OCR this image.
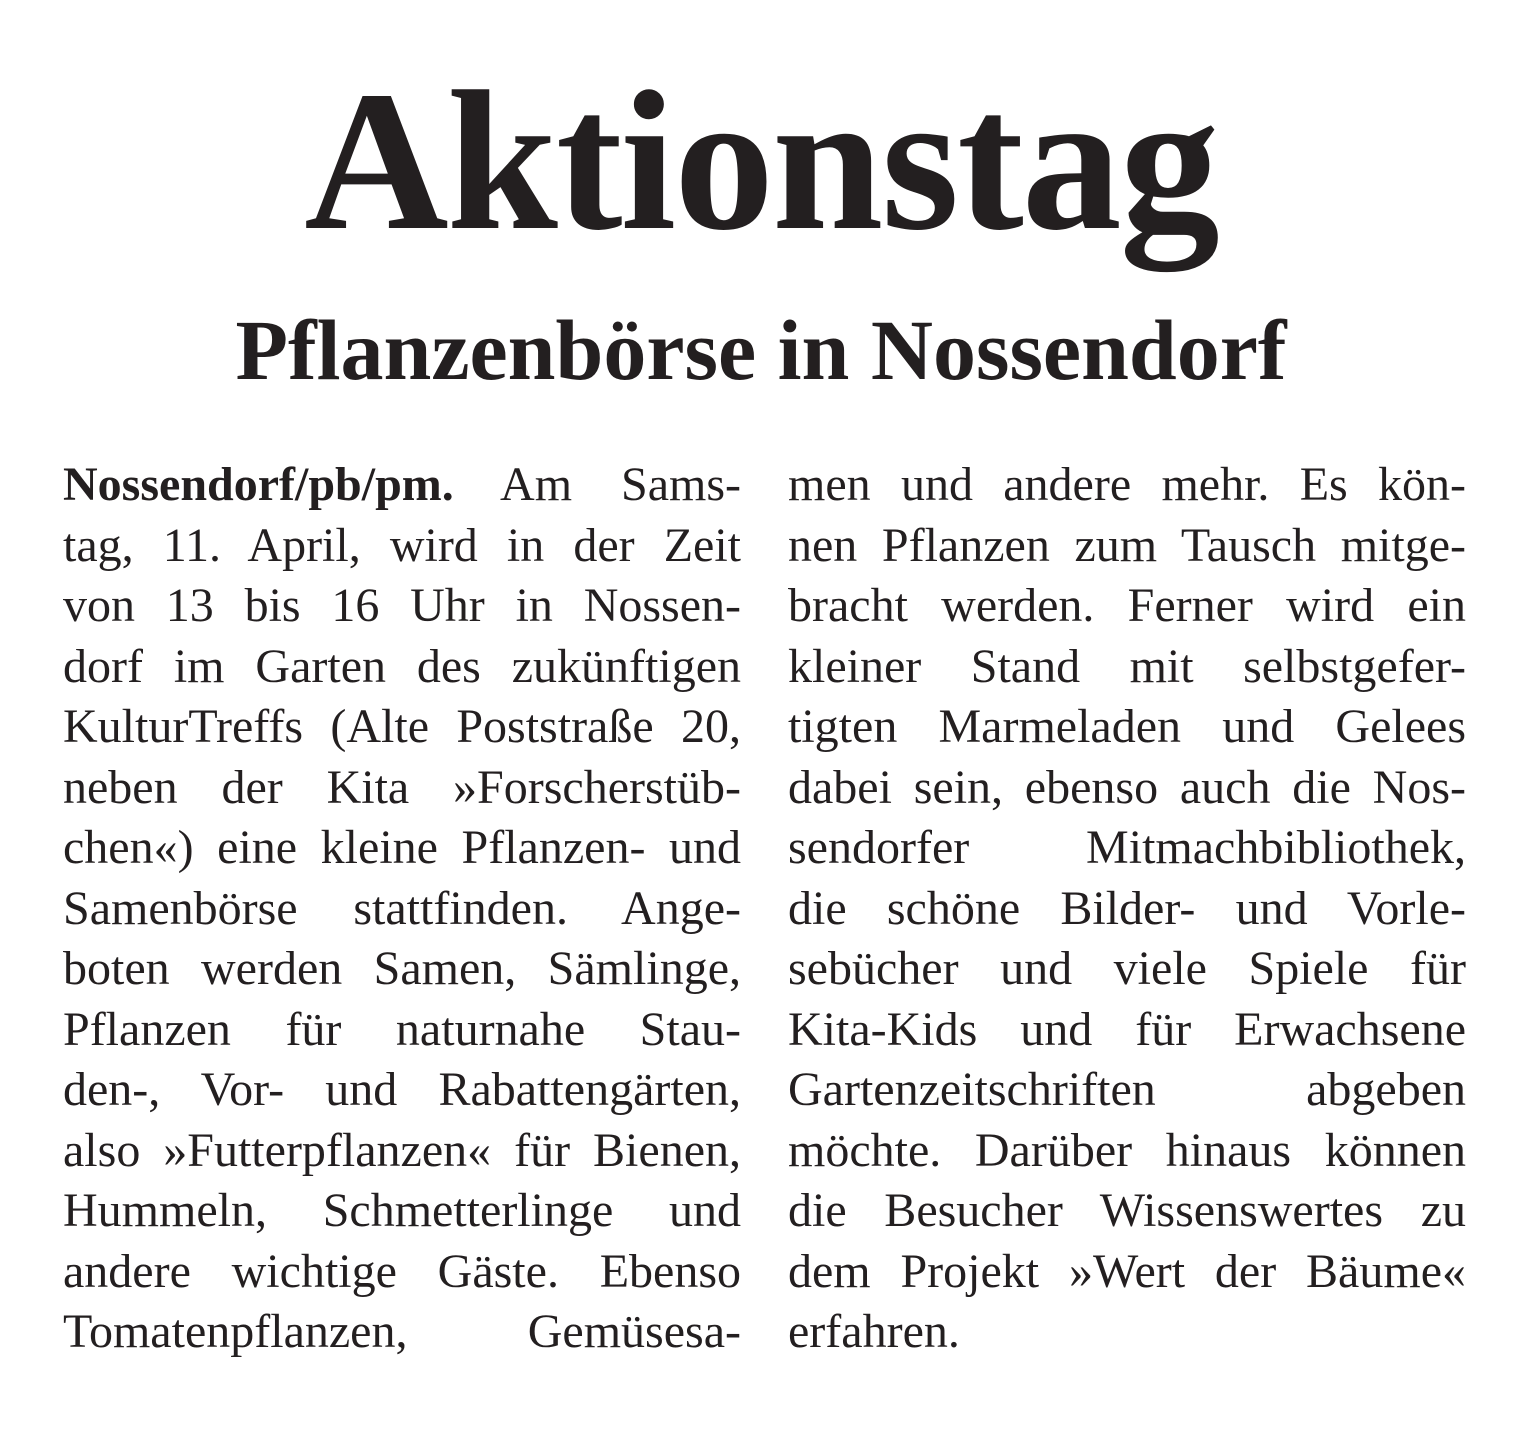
Aktionstag
Pflanzenbörse in Nossendorf
Nossendorf/pb/pm. Am Sams-
tag, 11. April, wird in der Zeit
von 13 bis 16 Uhr in Nossen-
dorf im Garten des zukünftigen
KulturTreffs (Alte Poststraße 20,
neben der Kita »Forscherstüb-
chen«) eine kleine Pflanzen- und
Samenbörse stattfinden. Ange-
boten werden Samen, Sämlinge,
Pflanzen für naturnahe Stau-
den-, Vor- und Rabattengärten,
also »Futterpflanzen« für Bienen,
Hummeln, Schmetterlinge und
andere wichtige Gäste. Ebenso
Tomatenpflanzen, Gemüsesa-
men und andere mehr. Es kön-
nen Pflanzen zum Tausch mitge-
bracht werden. Ferner wird ein
kleiner Stand mit selbstgefer-
tigten Marmeladen und Gelees
dabei sein, ebenso auch die Nos-
sendorfer Mitmachbibliothek,
die schöne Bilder- und Vorle-
sebücher und viele Spiele für
Kita-Kids und für Erwachsene
Gartenzeitschriften abgeben
möchte. Darüber hinaus können
die Besucher Wissenswertes zu
dem Projekt »Wert der Bäume«
erfahren.
